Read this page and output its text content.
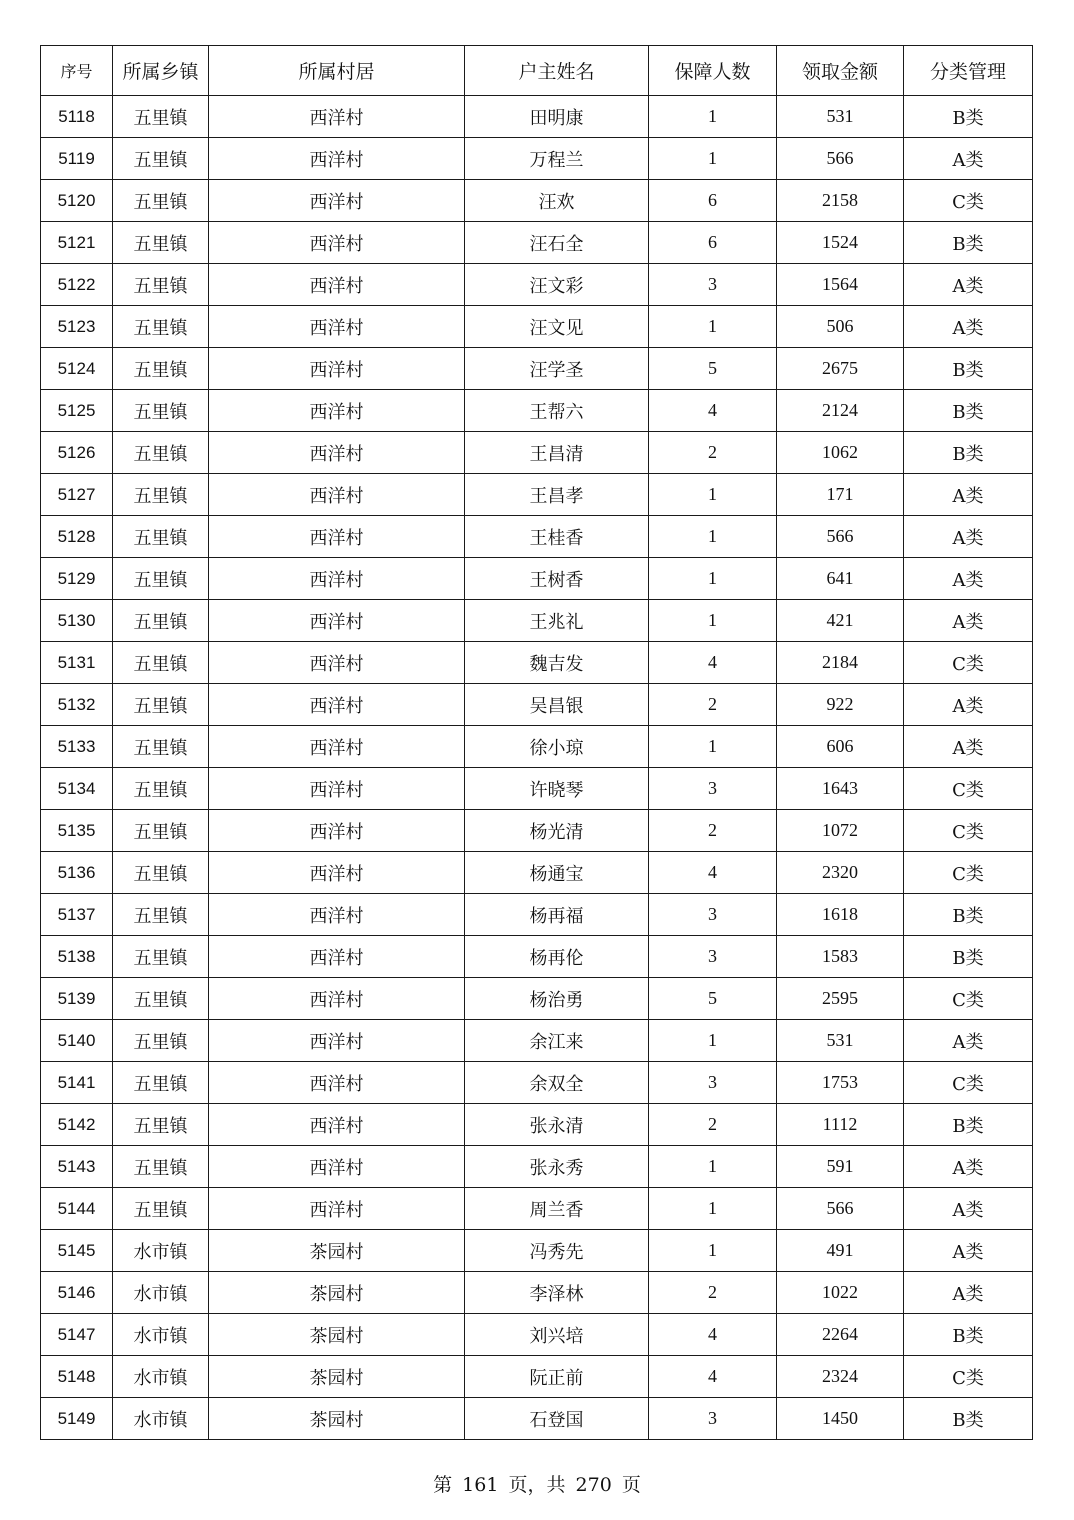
序号	所属乡镇	所属村居	户主姓名	保障人数	领取金额	分类管理
5118	五里镇	西洋村	田明康	1	531	B类
5119	五里镇	西洋村	万程兰	1	566	A类
5120	五里镇	西洋村	汪欢	6	2158	C类
5121	五里镇	西洋村	汪石全	6	1524	B类
5122	五里镇	西洋村	汪文彩	3	1564	A类
5123	五里镇	西洋村	汪文见	1	506	A类
5124	五里镇	西洋村	汪学圣	5	2675	B类
5125	五里镇	西洋村	王帮六	4	2124	B类
5126	五里镇	西洋村	王昌清	2	1062	B类
5127	五里镇	西洋村	王昌孝	1	171	A类
5128	五里镇	西洋村	王桂香	1	566	A类
5129	五里镇	西洋村	王树香	1	641	A类
5130	五里镇	西洋村	王兆礼	1	421	A类
5131	五里镇	西洋村	魏吉发	4	2184	C类
5132	五里镇	西洋村	吴昌银	2	922	A类
5133	五里镇	西洋村	徐小琼	1	606	A类
5134	五里镇	西洋村	许晓琴	3	1643	C类
5135	五里镇	西洋村	杨光清	2	1072	C类
5136	五里镇	西洋村	杨通宝	4	2320	C类
5137	五里镇	西洋村	杨再福	3	1618	B类
5138	五里镇	西洋村	杨再伦	3	1583	B类
5139	五里镇	西洋村	杨治勇	5	2595	C类
5140	五里镇	西洋村	余江来	1	531	A类
5141	五里镇	西洋村	余双全	3	1753	C类
5142	五里镇	西洋村	张永清	2	1112	B类
5143	五里镇	西洋村	张永秀	1	591	A类
5144	五里镇	西洋村	周兰香	1	566	A类
5145	水市镇	茶园村	冯秀先	1	491	A类
5146	水市镇	茶园村	李泽林	2	1022	A类
5147	水市镇	茶园村	刘兴培	4	2264	B类
5148	水市镇	茶园村	阮正前	4	2324	C类
5149	水市镇	茶园村	石登国	3	1450	B类
第 161 页，共 270 页
